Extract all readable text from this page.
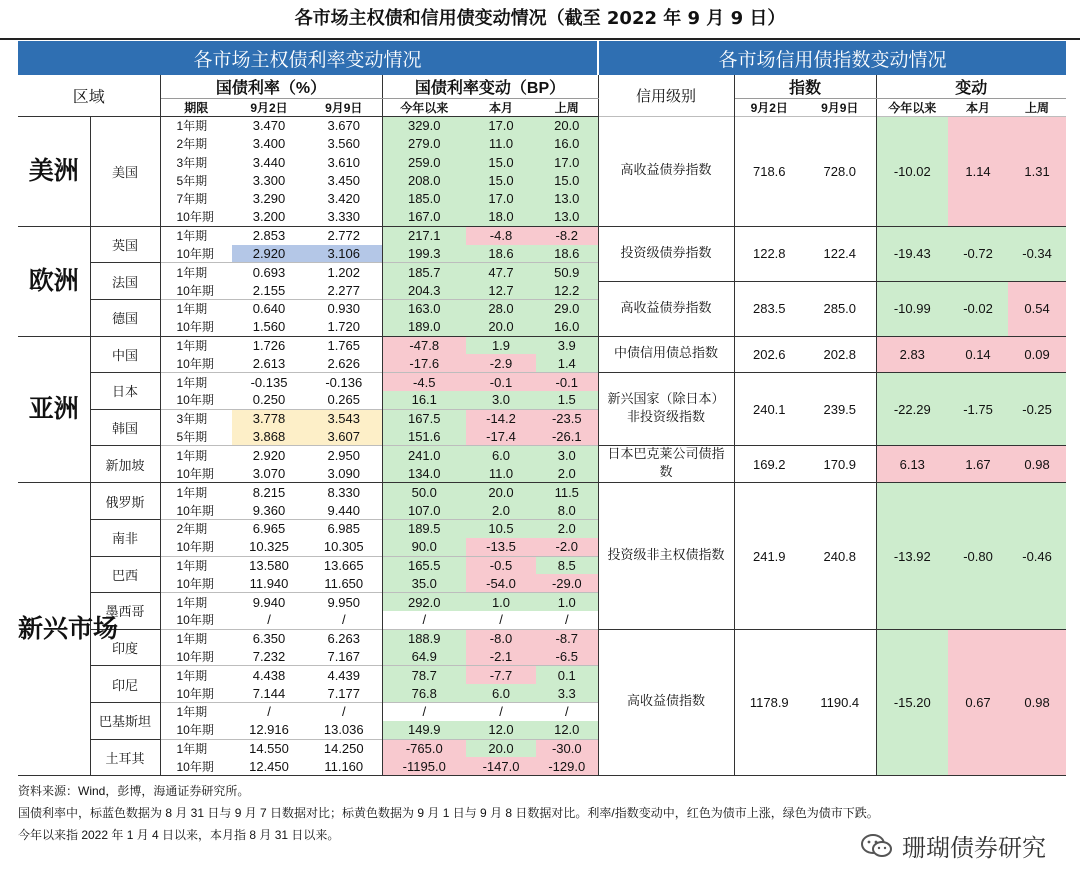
各市场主权债和信用债变动情况（截至 2022 年 9 月 9 日）
各市场主权债利率变动情况								各市场信用债指数变动情况					
区域		国债利率（%）			国债利率变动（BP）			信用级别	指数		变动		
		期限	9月2日	9月9日	今年以来	本月	上周		9月2日	9月9日	今年以来	本月	上周
美洲	美国	1年期	3.470	3.670	329.0	17.0	20.0	高收益债券指数	718.6	728.0	-10.02	1.14	1.31
		2年期	3.400	3.560	279.0	11.0	16.0						
		3年期	3.440	3.610	259.0	15.0	17.0						
		5年期	3.300	3.450	208.0	15.0	15.0						
		7年期	3.290	3.420	185.0	17.0	13.0						
		10年期	3.200	3.330	167.0	18.0	13.0						
欧洲	英国	1年期	2.853	2.772	217.1	-4.8	-8.2	投资级债券指数	122.8	122.4	-19.43	-0.72	-0.34
		10年期	2.920	3.106	199.3	18.6	18.6						
	法国	1年期	0.693	1.202	185.7	47.7	50.9						
		10年期	2.155	2.277	204.3	12.7	12.2	高收益债券指数	283.5	285.0	-10.99	-0.02	0.54
	德国	1年期	0.640	0.930	163.0	28.0	29.0						
		10年期	1.560	1.720	189.0	20.0	16.0						
亚洲	中国	1年期	1.726	1.765	-47.8	1.9	3.9	中债信用债总指数	202.6	202.8	2.83	0.14	0.09
		10年期	2.613	2.626	-17.6	-2.9	1.4						
	日本	1年期	-0.135	-0.136	-4.5	-0.1	-0.1	新兴国家（除日本）非投资级指数	240.1	239.5	-22.29	-1.75	-0.25
		10年期	0.250	0.265	16.1	3.0	1.5						
	韩国	3年期	3.778	3.543	167.5	-14.2	-23.5						
		5年期	3.868	3.607	151.6	-17.4	-26.1						
	新加坡	1年期	2.920	2.950	241.0	6.0	3.0	日本巴克莱公司债指数	169.2	170.9	6.13	1.67	0.98
		10年期	3.070	3.090	134.0	11.0	2.0						
新兴市场	俄罗斯	1年期	8.215	8.330	50.0	20.0	11.5	投资级非主权债指数	241.9	240.8	-13.92	-0.80	-0.46
		10年期	9.360	9.440	107.0	2.0	8.0						
	南非	2年期	6.965	6.985	189.5	10.5	2.0						
		10年期	10.325	10.305	90.0	-13.5	-2.0						
	巴西	1年期	13.580	13.665	165.5	-0.5	8.5						
		10年期	11.940	11.650	35.0	-54.0	-29.0						
	墨西哥	1年期	9.940	9.950	292.0	1.0	1.0						
		10年期	/	/	/	/	/						
	印度	1年期	6.350	6.263	188.9	-8.0	-8.7	高收益债指数	1178.9	1190.4	-15.20	0.67	0.98
		10年期	7.232	7.167	64.9	-2.1	-6.5						
	印尼	1年期	4.438	4.439	78.7	-7.7	0.1						
		10年期	7.144	7.177	76.8	6.0	3.3						
	巴基斯坦	1年期	/	/	/	/	/						
		10年期	12.916	13.036	149.9	12.0	12.0						
	土耳其	1年期	14.550	14.250	-765.0	20.0	-30.0						
		10年期	12.450	11.160	-1195.0	-147.0	-129.0						
资料来源：Wind，彭博，海通证券研究所。
国债利率中，标蓝色数据为 8 月 31 日与 9 月 7 日数据对比；标黄色数据为 9 月 1 日与 9 月 8 日数据对比。利率/指数变动中，红色为债市上涨，绿色为债市下跌。
今年以来指 2022 年 1 月 4 日以来，本月指 8 月 31 日以来。	珊瑚债券研究
